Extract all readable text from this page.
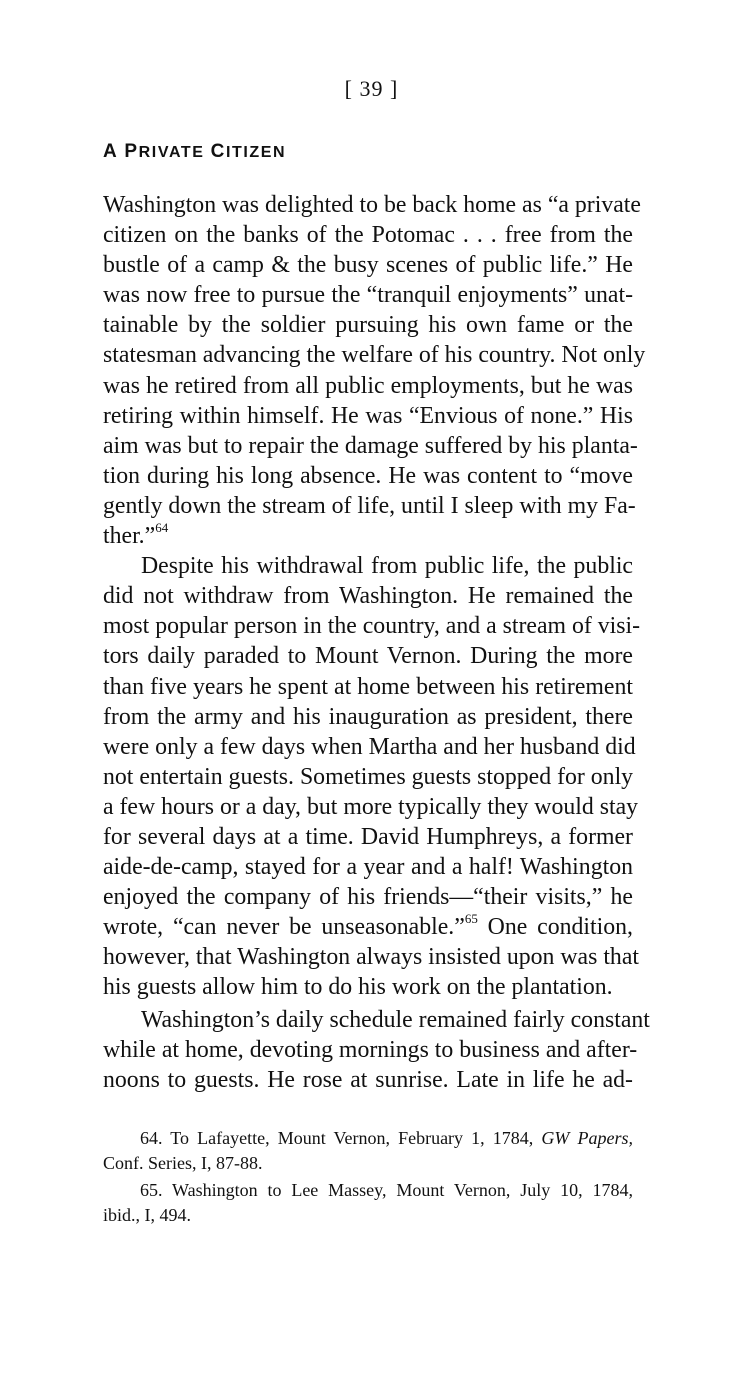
[ 39 ]
A PRIVATE CITIZEN
Washington was delighted to be back home as “a private
citizen on the banks of the Potomac . . . free from the
bustle of a camp & the busy scenes of public life.” He
was now free to pursue the “tranquil enjoyments” unat-
tainable by the soldier pursuing his own fame or the
statesman advancing the welfare of his country. Not only
was he retired from all public employments, but he was
retiring within himself. He was “Envious of none.” His
aim was but to repair the damage suffered by his planta-
tion during his long absence. He was content to “move
gently down the stream of life, until I sleep with my Fa-
ther.”$^{64}$
Despite his withdrawal from public life, the public
did not withdraw from Washington. He remained the
most popular person in the country, and a stream of visi-
tors daily paraded to Mount Vernon. During the more
than five years he spent at home between his retirement
from the army and his inauguration as president, there
were only a few days when Martha and her husband did
not entertain guests. Sometimes guests stopped for only
a few hours or a day, but more typically they would stay
for several days at a time. David Humphreys, a former
aide-de-camp, stayed for a year and a half! Washington
enjoyed the company of his friends—“their visits,” he
wrote, “can never be unseasonable.”$^{65}$ One condition,
however, that Washington always insisted upon was that
his guests allow him to do his work on the plantation.
Washington’s daily schedule remained fairly constant
while at home, devoting mornings to business and after-
noons to guests. He rose at sunrise. Late in life he ad-
64. To Lafayette, Mount Vernon, February 1, 1784, GW Papers,
Conf. Series, I, 87-88.
65. Washington to Lee Massey, Mount Vernon, July 10, 1784,
ibid., I, 494.
